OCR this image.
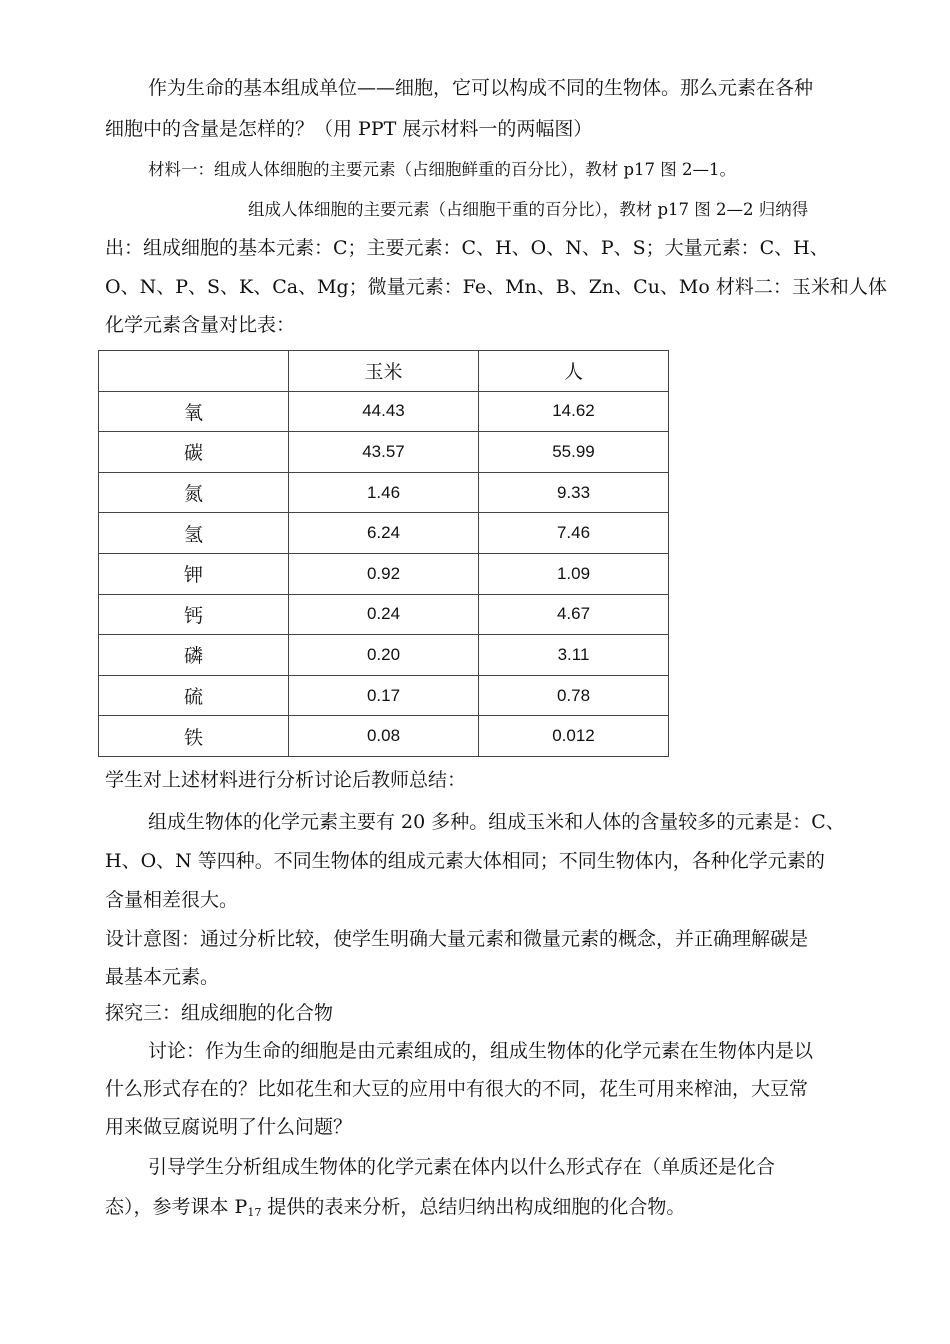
作为生命的基本组成单位——细胞，它可以构成不同的生物体。那么元素在各种
细胞中的含量是怎样的？（用 PPT 展示材料一的两幅图）
材料一：组成人体细胞的主要元素（占细胞鲜重的百分比），教材 p17 图 2—1。
组成人体细胞的主要元素（占细胞干重的百分比），教材 p17 图 2—2 归纳得
出：组成细胞的基本元素：C；主要元素：C、H、O、N、P、S；大量元素：C、H、
O、N、P、S、K、Ca、Mg；微量元素：Fe、Mn、B、Zn、Cu、Mo 材料二：玉米和人体
化学元素含量对比表：
	玉米	人
氧	44.43	14.62
碳	43.57	55.99
氮	1.46	9.33
氢	6.24	7.46
钾	0.92	1.09
钙	0.24	4.67
磷	0.20	3.11
硫	0.17	0.78
铁	0.08	0.012
学生对上述材料进行分析讨论后教师总结：
组成生物体的化学元素主要有 20 多种。组成玉米和人体的含量较多的元素是：C、
H、O、N 等四种。不同生物体的组成元素大体相同；不同生物体内，各种化学元素的
含量相差很大。
设计意图：通过分析比较，使学生明确大量元素和微量元素的概念，并正确理解碳是
最基本元素。
探究三：组成细胞的化合物
讨论：作为生命的细胞是由元素组成的，组成生物体的化学元素在生物体内是以
什么形式存在的？比如花生和大豆的应用中有很大的不同，花生可用来榨油，大豆常
用来做豆腐说明了什么问题？
引导学生分析组成生物体的化学元素在体内以什么形式存在（单质还是化合
态），参考课本 $P_{17}$ 提供的表来分析，总结归纳出构成细胞的化合物。
